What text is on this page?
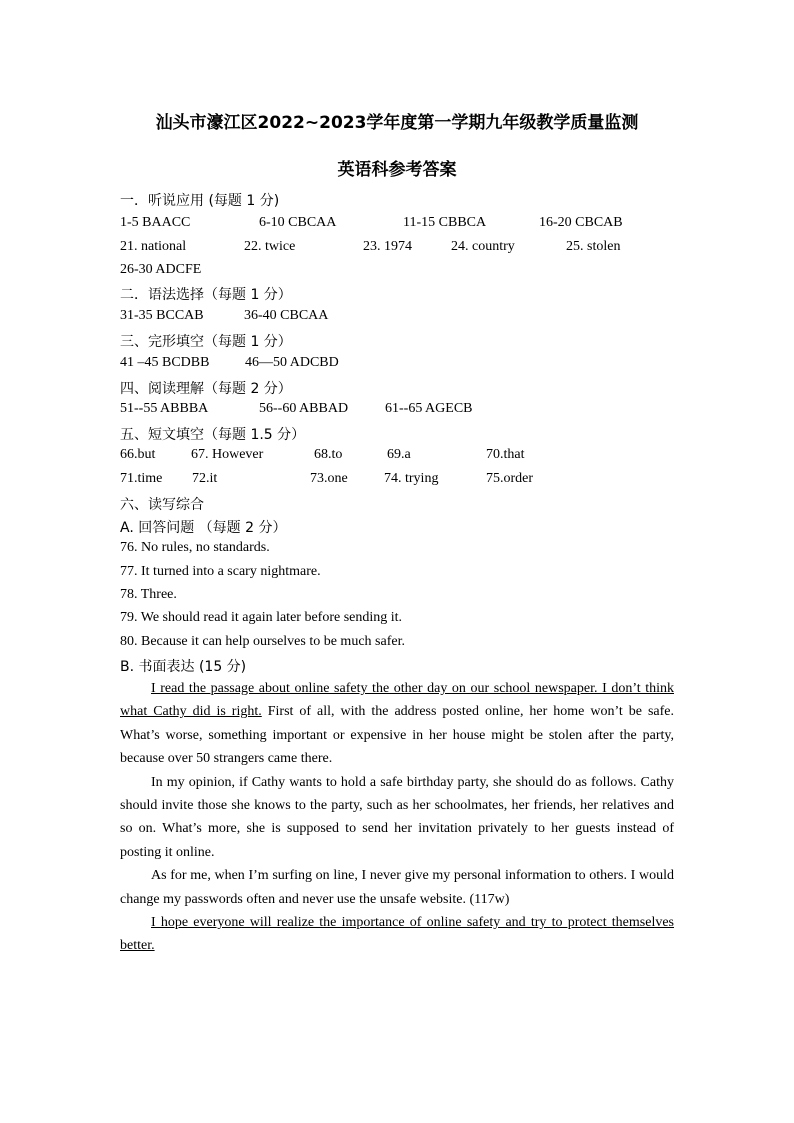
汕头市濠江区2022~2023学年度第一学期九年级教学质量监测
英语科参考答案
一．听说应用 (每题 1 分)
1-5 BAACC	6-10 CBCAA	11-15 CBBCA	16-20 CBCAB
21. national	22. twice	23. 1974	24. country	25. stolen
26-30 ADCFE
二．语法选择（每题 1 分）
31-35 BCCAB	36-40 CBCAA
三、完形填空（每题 1 分）
41 –45 BCDBB	46—50 ADCBD
四、阅读理解（每题 2 分）
51--55 ABBBA	56--60 ABBAD	61--65 AGECB
五、短文填空（每题 1.5 分）
66.but	67. However	68.to	69.a	70.that
71.time 72.it	73.one	74. trying	75.order
六、读写综合
A. 回答问题 （每题 2 分）
76. No rules, no standards.
77. It turned into a scary nightmare.
78. Three.
79. We should read it again later before sending it.
80. Because it can help ourselves to be much safer.
B. 书面表达 (15 分)

I read the passage about online safety the other day on our school newspaper. I don’t think what Cathy did is right. First of all, with the address posted online, her home won’t be safe. What’s worse, something important or expensive in her house might be stolen after the party, because over 50 strangers came there.

In my opinion, if Cathy wants to hold a safe birthday party, she should do as follows. Cathy should invite those she knows to the party, such as her schoolmates, her friends, her relatives and so on. What’s more, she is supposed to send her invitation privately to her guests instead of posting it online.

As for me, when I’m surfing on line, I never give my personal information to others. I would change my passwords often and never use the unsafe website. (117w)

I hope everyone will realize the importance of online safety and try to protect themselves better.
